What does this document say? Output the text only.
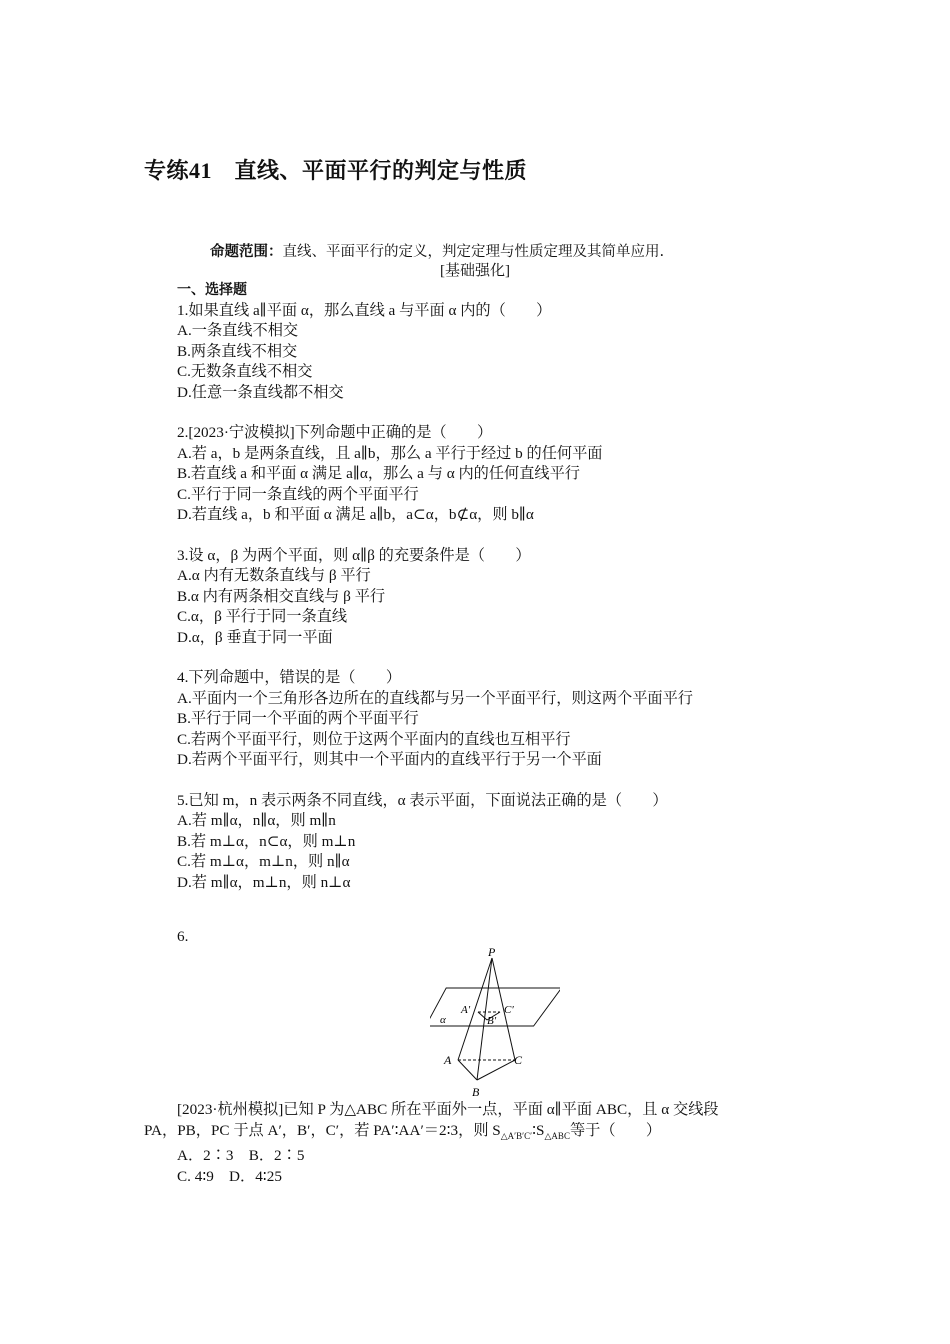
专练41　 直线、平面平行的判定与性质
命题范围：直线、平面平行的定义，判定定理与性质定理及其简单应用.
[基础强化]
一、选择题
1.如果直线 a∥平面 α，那么直线 a 与平面 α 内的（　　）
A.一条直线不相交
B.两条直线不相交
C.无数条直线不相交
D.任意一条直线都不相交
2.[2023·宁波模拟]下列命题中正确的是（　　）
A.若 a，b 是两条直线，且 a∥b，那么 a 平行于经过 b 的任何平面
B.若直线 a 和平面 α 满足 a∥α，那么 a 与 α 内的任何直线平行
C.平行于同一条直线的两个平面平行
D.若直线 a，b 和平面 α 满足 a∥b，a⊂α，b⊄α，则 b∥α
3.设 α，β 为两个平面，则 α∥β 的充要条件是（　　）
A.α 内有无数条直线与 β 平行
B.α 内有两条相交直线与 β 平行
C.α，β 平行于同一条直线
D.α，β 垂直于同一平面
4.下列命题中，错误的是（　　）
A.平面内一个三角形各边所在的直线都与另一个平面平行，则这两个平面平行
B.平行于同一个平面的两个平面平行
C.若两个平面平行，则位于这两个平面内的直线也互相平行
D.若两个平面平行，则其中一个平面内的直线平行于另一个平面
5.已知 m，n 表示两条不同直线，α 表示平面，下面说法正确的是（　　）
A.若 m∥α，n∥α，则 m∥n
B.若 m⊥α，n⊂α，则 m⊥n
C.若 m⊥α，m⊥n，则 n∥α
D.若 m∥α，m⊥n，则 n⊥α
6.
P
α
A′
B′
C′
A
B
C
[2023·杭州模拟]已知 P 为△ABC 所在平面外一点，平面 α∥平面 ABC，且 α 交线段
PA，PB，PC 于点 A′，B′，C′，若 PA′∶AA′＝2∶3，则 $S_{\triangle A'B'C'}∶S_{\triangle ABC}$等于（　　）
A．2∶3　B．2∶5
C. 4∶9　D．4∶25
